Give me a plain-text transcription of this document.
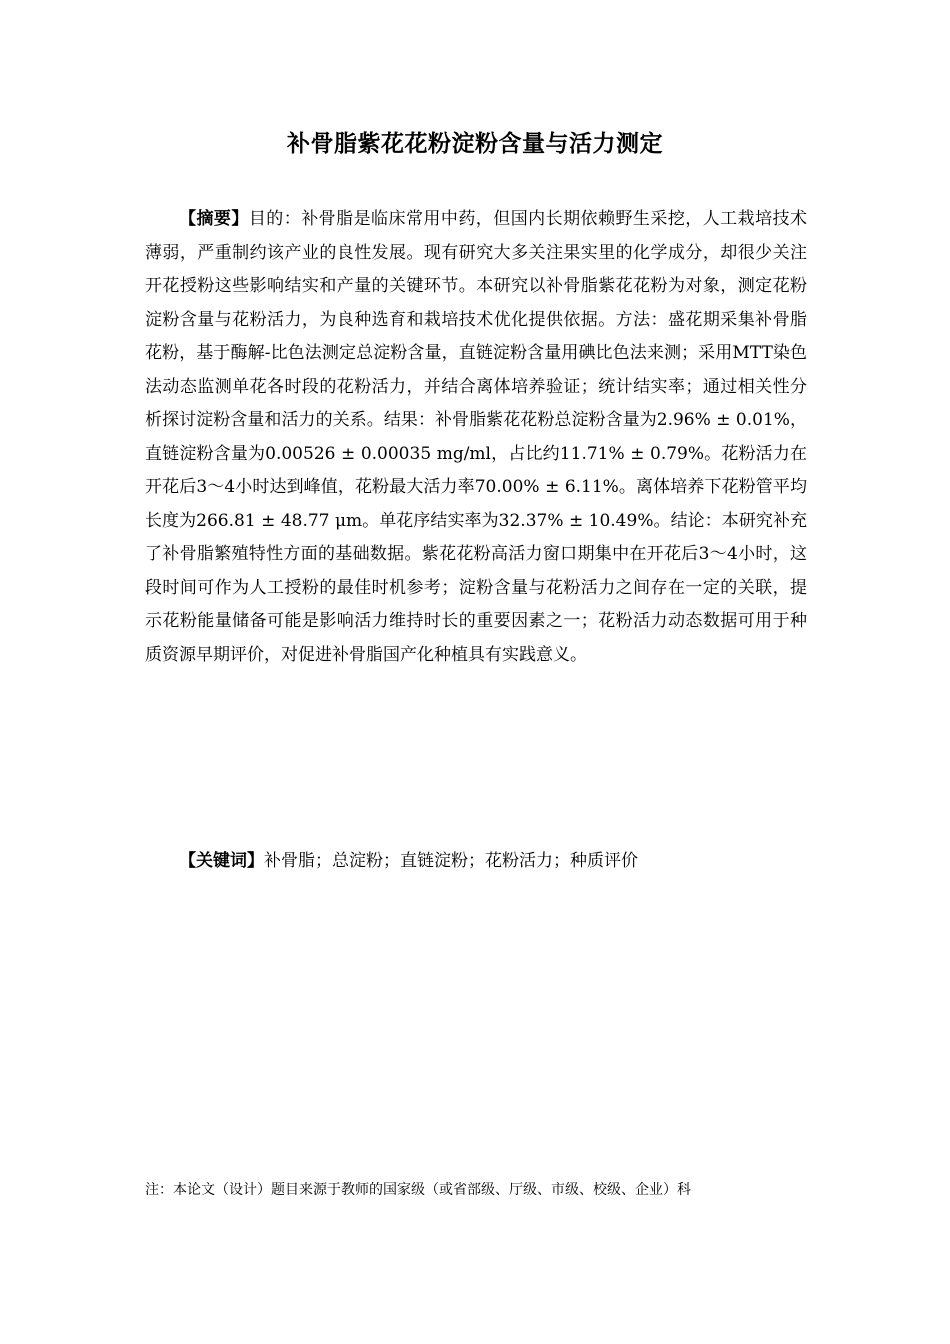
补骨脂紫花花粉淀粉含量与活力测定

【摘要】目的：补骨脂是临床常用中药，但国内长期依赖野生采挖，人工栽培技术薄弱，严重制约该产业的良性发展。现有研究大多关注果实里的化学成分，却很少关注开花授粉这些影响结实和产量的关键环节。本研究以补骨脂紫花花粉为对象，测定花粉淀粉含量与花粉活力，为良种选育和栽培技术优化提供依据。方法：盛花期采集补骨脂花粉，基于酶解-比色法测定总淀粉含量，直链淀粉含量用碘比色法来测；采用MTT染色法动态监测单花各时段的花粉活力，并结合离体培养验证；统计结实率；通过相关性分析探讨淀粉含量和活力的关系。结果：补骨脂紫花花粉总淀粉含量为2.96% ± 0.01%，直链淀粉含量为0.00526 ± 0.00035 mg/ml，占比约11.71% ± 0.79%。花粉活力在开花后3～4小时达到峰值，花粉最大活力率70.00% ± 6.11%。离体培养下花粉管平均长度为266.81 ± 48.77 μm。单花序结实率为32.37% ± 10.49%。结论：本研究补充了补骨脂繁殖特性方面的基础数据。紫花花粉高活力窗口期集中在开花后3～4小时，这段时间可作为人工授粉的最佳时机参考；淀粉含量与花粉活力之间存在一定的关联，提示花粉能量储备可能是影响活力维持时长的重要因素之一；花粉活力动态数据可用于种质资源早期评价，对促进补骨脂国产化种植具有实践意义。

【关键词】补骨脂；总淀粉；直链淀粉；花粉活力；种质评价
注：本论文（设计）题目来源于教师的国家级（或省部级、厅级、市级、校级、企业）科
